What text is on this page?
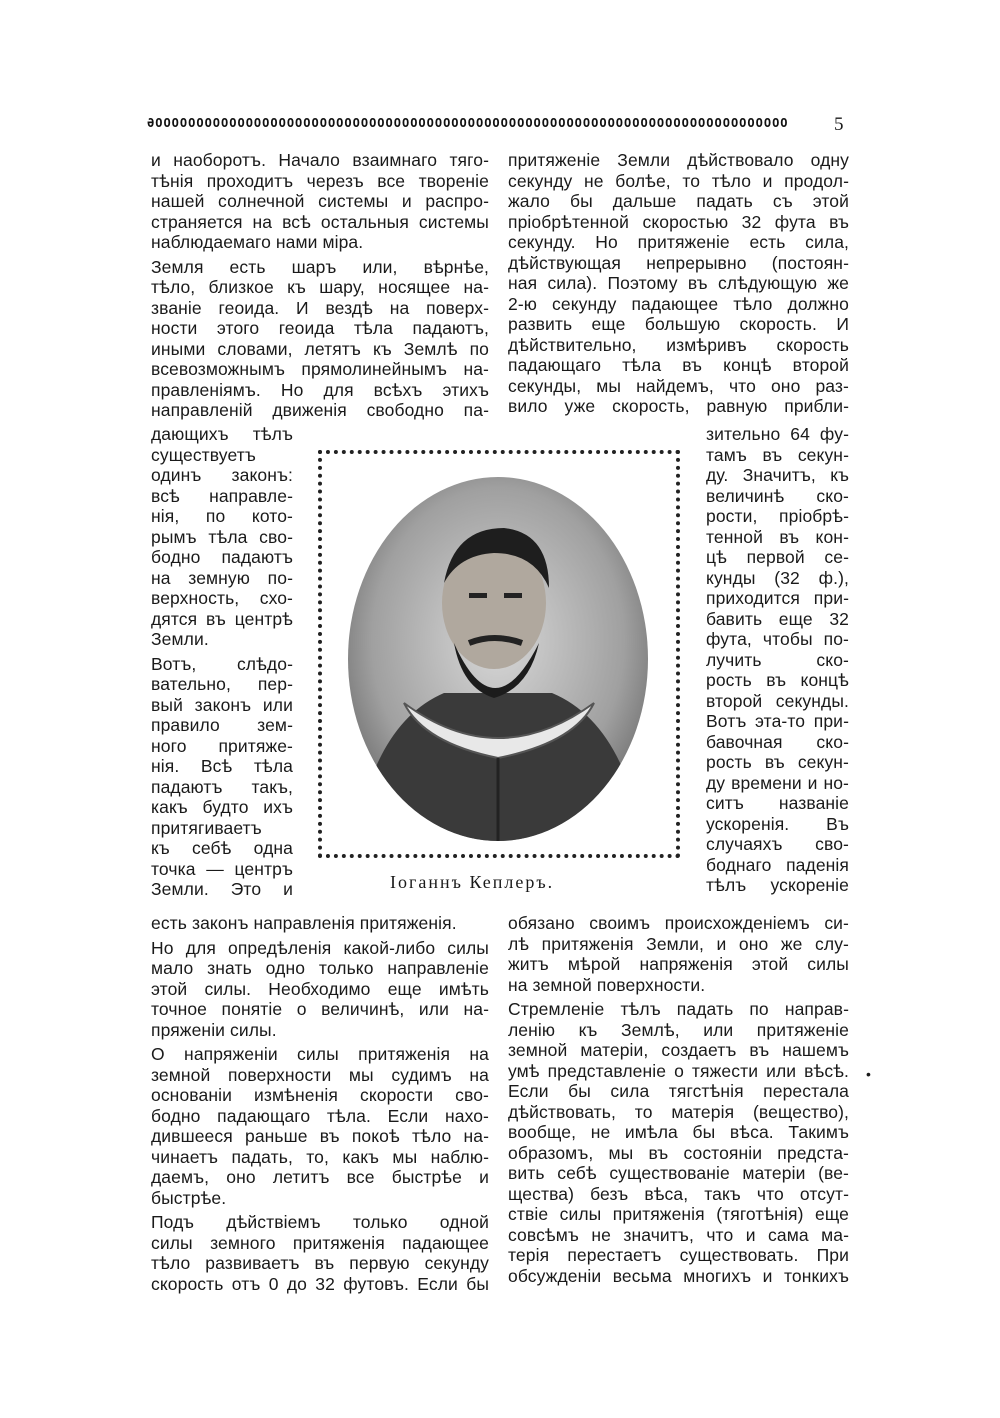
ƏOOOOOOOOOOOOOOOOOOOOOOOOOOOOOOOOOOOOOOOOOOOOOOOOOOOOOOOOOOOOOOOOOOOOOOOOOOOOO	5
Iоганнъ Кеплеръ.
и наоборотъ. Начало взаимнаго тяго-
тѣнія проходитъ черезъ все твореніе
нашей солнечной системы и распро-
страняется на всѣ остальныя системы
наблюдаемаго нами міра.
Земля есть шаръ или, вѣрнѣе,
тѣло, близкое къ шару, носящее на-
званіе геоида. И вездѣ на поверх-
ности этого геоида тѣла падаютъ,
иными словами, летятъ къ Землѣ по
всевозможнымъ прямолинейнымъ на-
правленіямъ. Но для всѣхъ этихъ
направленій движенія свободно па-
дающихъ тѣлъ
существуетъ
одинъ законъ:
всѣ направле-
нія, по кото-
рымъ тѣла сво-
бодно падаютъ
на земную по-
верхность, схо-
дятся въ центрѣ
Земли.
Вотъ, слѣдо-
вательно, пер-
вый законъ или
правило зем-
ного притяже-
нія. Всѣ тѣла
падаютъ такъ,
какъ будто ихъ
притягиваетъ
къ себѣ одна
точка — центръ
Земли. Это и
есть законъ направленія притяженія.
Но для опредѣленія какой-либо силы
мало знать одно только направленіе
этой силы. Необходимо еще имѣть
точное понятіе о величинѣ, или на-
пряженіи силы.
О напряженіи силы притяженія на
земной поверхности мы судимъ на
основаніи измѣненія скорости сво-
бодно падающаго тѣла. Если нахо-
дившееся раньше въ покоѣ тѣло на-
чинаетъ падать, то, какъ мы наблю-
даемъ, оно летитъ все быстрѣе и
быстрѣе.
Подъ дѣйствіемъ только одной
силы земного притяженія падающее
тѣло развиваетъ въ первую секунду
скорость отъ 0 до 32 футовъ. Если бы
притяженіе Земли дѣйствовало одну
секунду не болѣе, то тѣло и продол-
жало бы дальше падать съ этой
пріобрѣтенной скоростью 32 фута въ
секунду. Но притяженіе есть сила,
дѣйствующая непрерывно (постоян-
ная сила). Поэтому въ слѣдующую же
2-ю секунду падающее тѣло должно
развить еще большую скорость. И
дѣйствительно, измѣривъ скорость
падающаго тѣла въ концѣ второй
секунды, мы найдемъ, что оно раз-
вило уже скорость, равную прибли-
зительно 64 фу-
тамъ въ секун-
ду. Значитъ, къ
величинѣ ско-
рости, пріобрѣ-
тенной въ кон-
цѣ первой се-
кунды (32 ф.),
приходится при-
бавить еще 32
фута, чтобы по-
лучить ско-
рость въ концѣ
второй секунды.
Вотъ эта-то при-
бавочная ско-
рость въ секун-
ду времени и но-
ситъ названіе
ускоренія. Въ
случаяхъ сво-
боднаго паденія
тѣлъ ускореніе
обязано своимъ происхожденіемъ си-
лѣ притяженія Земли, и оно же слу-
житъ мѣрой напряженія этой силы
на земной поверхности.
Стремленіе тѣлъ падать по направ-
ленію къ Землѣ, или притяженіе
земной матеріи, создаетъ въ нашемъ
умѣ представленіе о тяжести или вѣсѣ.
Если бы сила тягстѣнія перестала
дѣйствовать, то матерія (вещество),
вообще, не имѣла бы вѣса. Такимъ
образомъ, мы въ состояніи предста-
вить себѣ существованіе матеріи (ве-
щества) безъ вѣса, такъ что отсут-
ствіе силы притяженія (тяготѣнія) еще
совсѣмъ не значитъ, что и сама ма-
терія перестаетъ существовать. При
обсужденіи весьма многихъ и тонкихъ
•
